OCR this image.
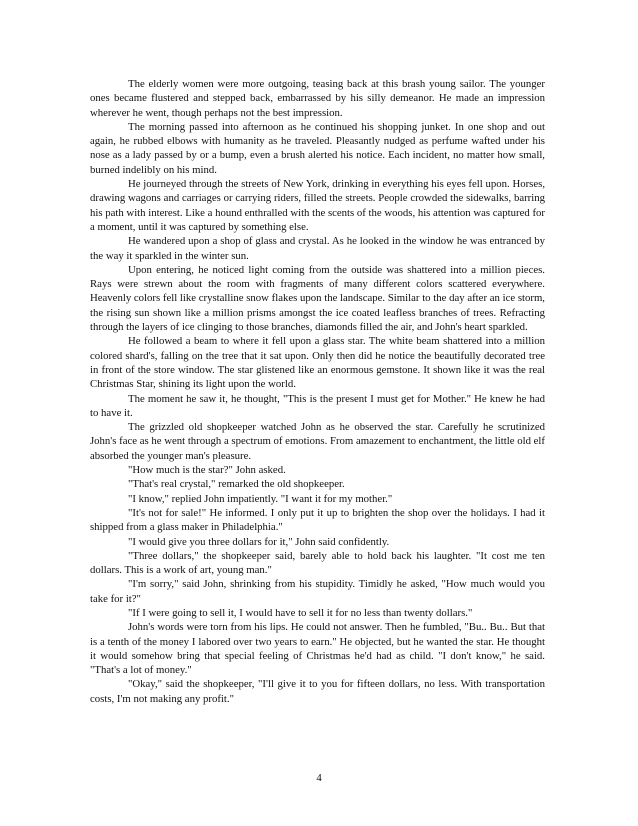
The elderly women were more outgoing, teasing back at this brash young sailor. The younger ones became flustered and stepped back, embarrassed by his silly demeanor. He made an impression wherever he went, though perhaps not the best impression.

The morning passed into afternoon as he continued his shopping junket. In one shop and out again, he rubbed elbows with humanity as he traveled. Pleasantly nudged as perfume wafted under his nose as a lady passed by or a bump, even a brush alerted his notice. Each incident, no matter how small, burned indelibly on his mind.

He journeyed through the streets of New York, drinking in everything his eyes fell upon. Horses, drawing wagons and carriages or carrying riders, filled the streets. People crowded the sidewalks, barring his path with interest. Like a hound enthralled with the scents of the woods, his attention was captured for a moment, until it was captured by something else.

He wandered upon a shop of glass and crystal. As he looked in the window he was entranced by the way it sparkled in the winter sun.

Upon entering, he noticed light coming from the outside was shattered into a million pieces. Rays were strewn about the room with fragments of many different colors scattered everywhere. Heavenly colors fell like crystalline snow flakes upon the landscape. Similar to the day after an ice storm, the rising sun shown like a million prisms amongst the ice coated leafless branches of trees. Refracting through the layers of ice clinging to those branches, diamonds filled the air, and John's heart sparkled.

He followed a beam to where it fell upon a glass star. The white beam shattered into a million colored shard's, falling on the tree that it sat upon. Only then did he notice the beautifully decorated tree in front of the store window. The star glistened like an enormous gemstone. It shown like it was the real Christmas Star, shining its light upon the world.

The moment he saw it, he thought, "This is the present I must get for Mother." He knew he had to have it.

The grizzled old shopkeeper watched John as he observed the star. Carefully he scrutinized John's face as he went through a spectrum of emotions. From amazement to enchantment, the little old elf absorbed the younger man's pleasure.

"How much is the star?" John asked.

"That's real crystal," remarked the old shopkeeper.

"I know," replied John impatiently. "I want it for my mother."

"It's not for sale!" He informed. I only put it up to brighten the shop over the holidays. I had it shipped from a glass maker in Philadelphia."

"I would give you three dollars for it," John said confidently.

"Three dollars," the shopkeeper said, barely able to hold back his laughter. "It cost me ten dollars. This is a work of art, young man."

"I'm sorry," said John, shrinking from his stupidity. Timidly he asked, "How much would you take for it?"

"If I were going to sell it, I would have to sell it for no less than twenty dollars."

John's words were torn from his lips. He could not answer. Then he fumbled, "Bu.. Bu.. But that is a tenth of the money I labored over two years to earn." He objected, but he wanted the star. He thought it would somehow bring that special feeling of Christmas he'd had as child. "I don't know," he said. "That's a lot of money."

"Okay," said the shopkeeper, "I'll give it to you for fifteen dollars, no less. With transportation costs, I'm not making any profit."

4
